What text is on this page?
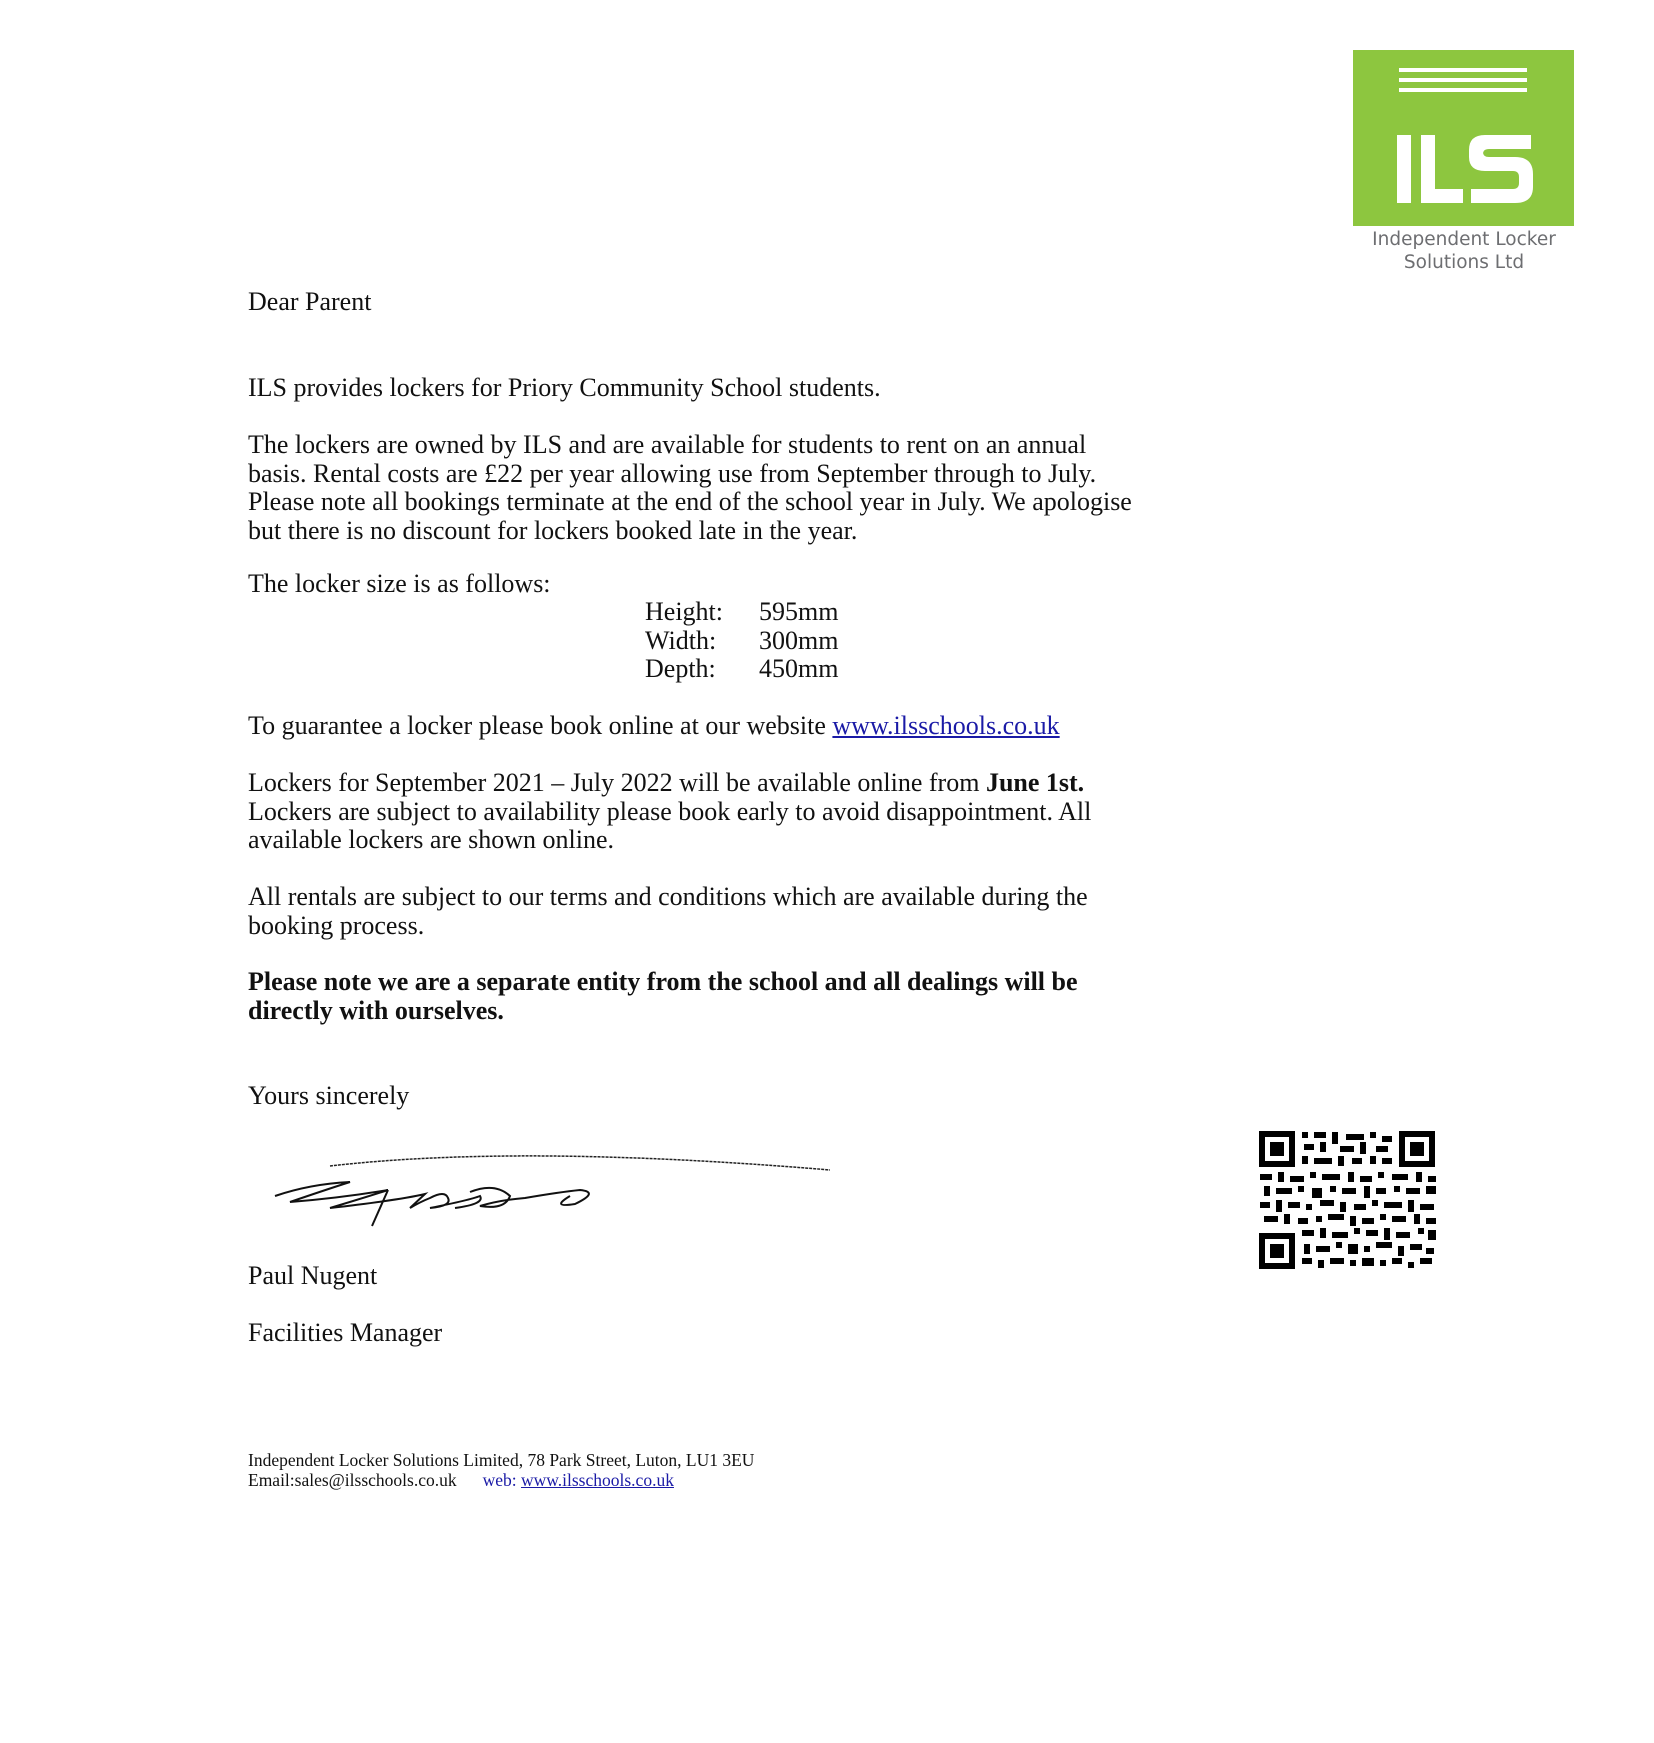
Independent Locker
Solutions Ltd
Dear Parent
ILS provides lockers for Priory Community School students.
The lockers are owned by ILS and are available for students to rent on an annual
basis. Rental costs are £22 per year allowing use from September through to July.
Please note all bookings terminate at the end of the school year in July. We apologise
but there is no discount for lockers booked late in the year.
The locker size is as follows:
Height: 595mm
Width: 300mm
Depth: 450mm
To guarantee a locker please book online at our website www.ilsschools.co.uk
Lockers for September 2021 – July 2022 will be available online from June 1st.
Lockers are subject to availability please book early to avoid disappointment. All
available lockers are shown online.
All rentals are subject to our terms and conditions which are available during the
booking process.
Please note we are a separate entity from the school and all dealings will be
directly with ourselves.
Yours sincerely
Paul Nugent
Facilities Manager
Independent Locker Solutions Limited, 78 Park Street, Luton, LU1 3EU
Email:sales@ilsschools.co.uk web: www.ilsschools.co.uk
